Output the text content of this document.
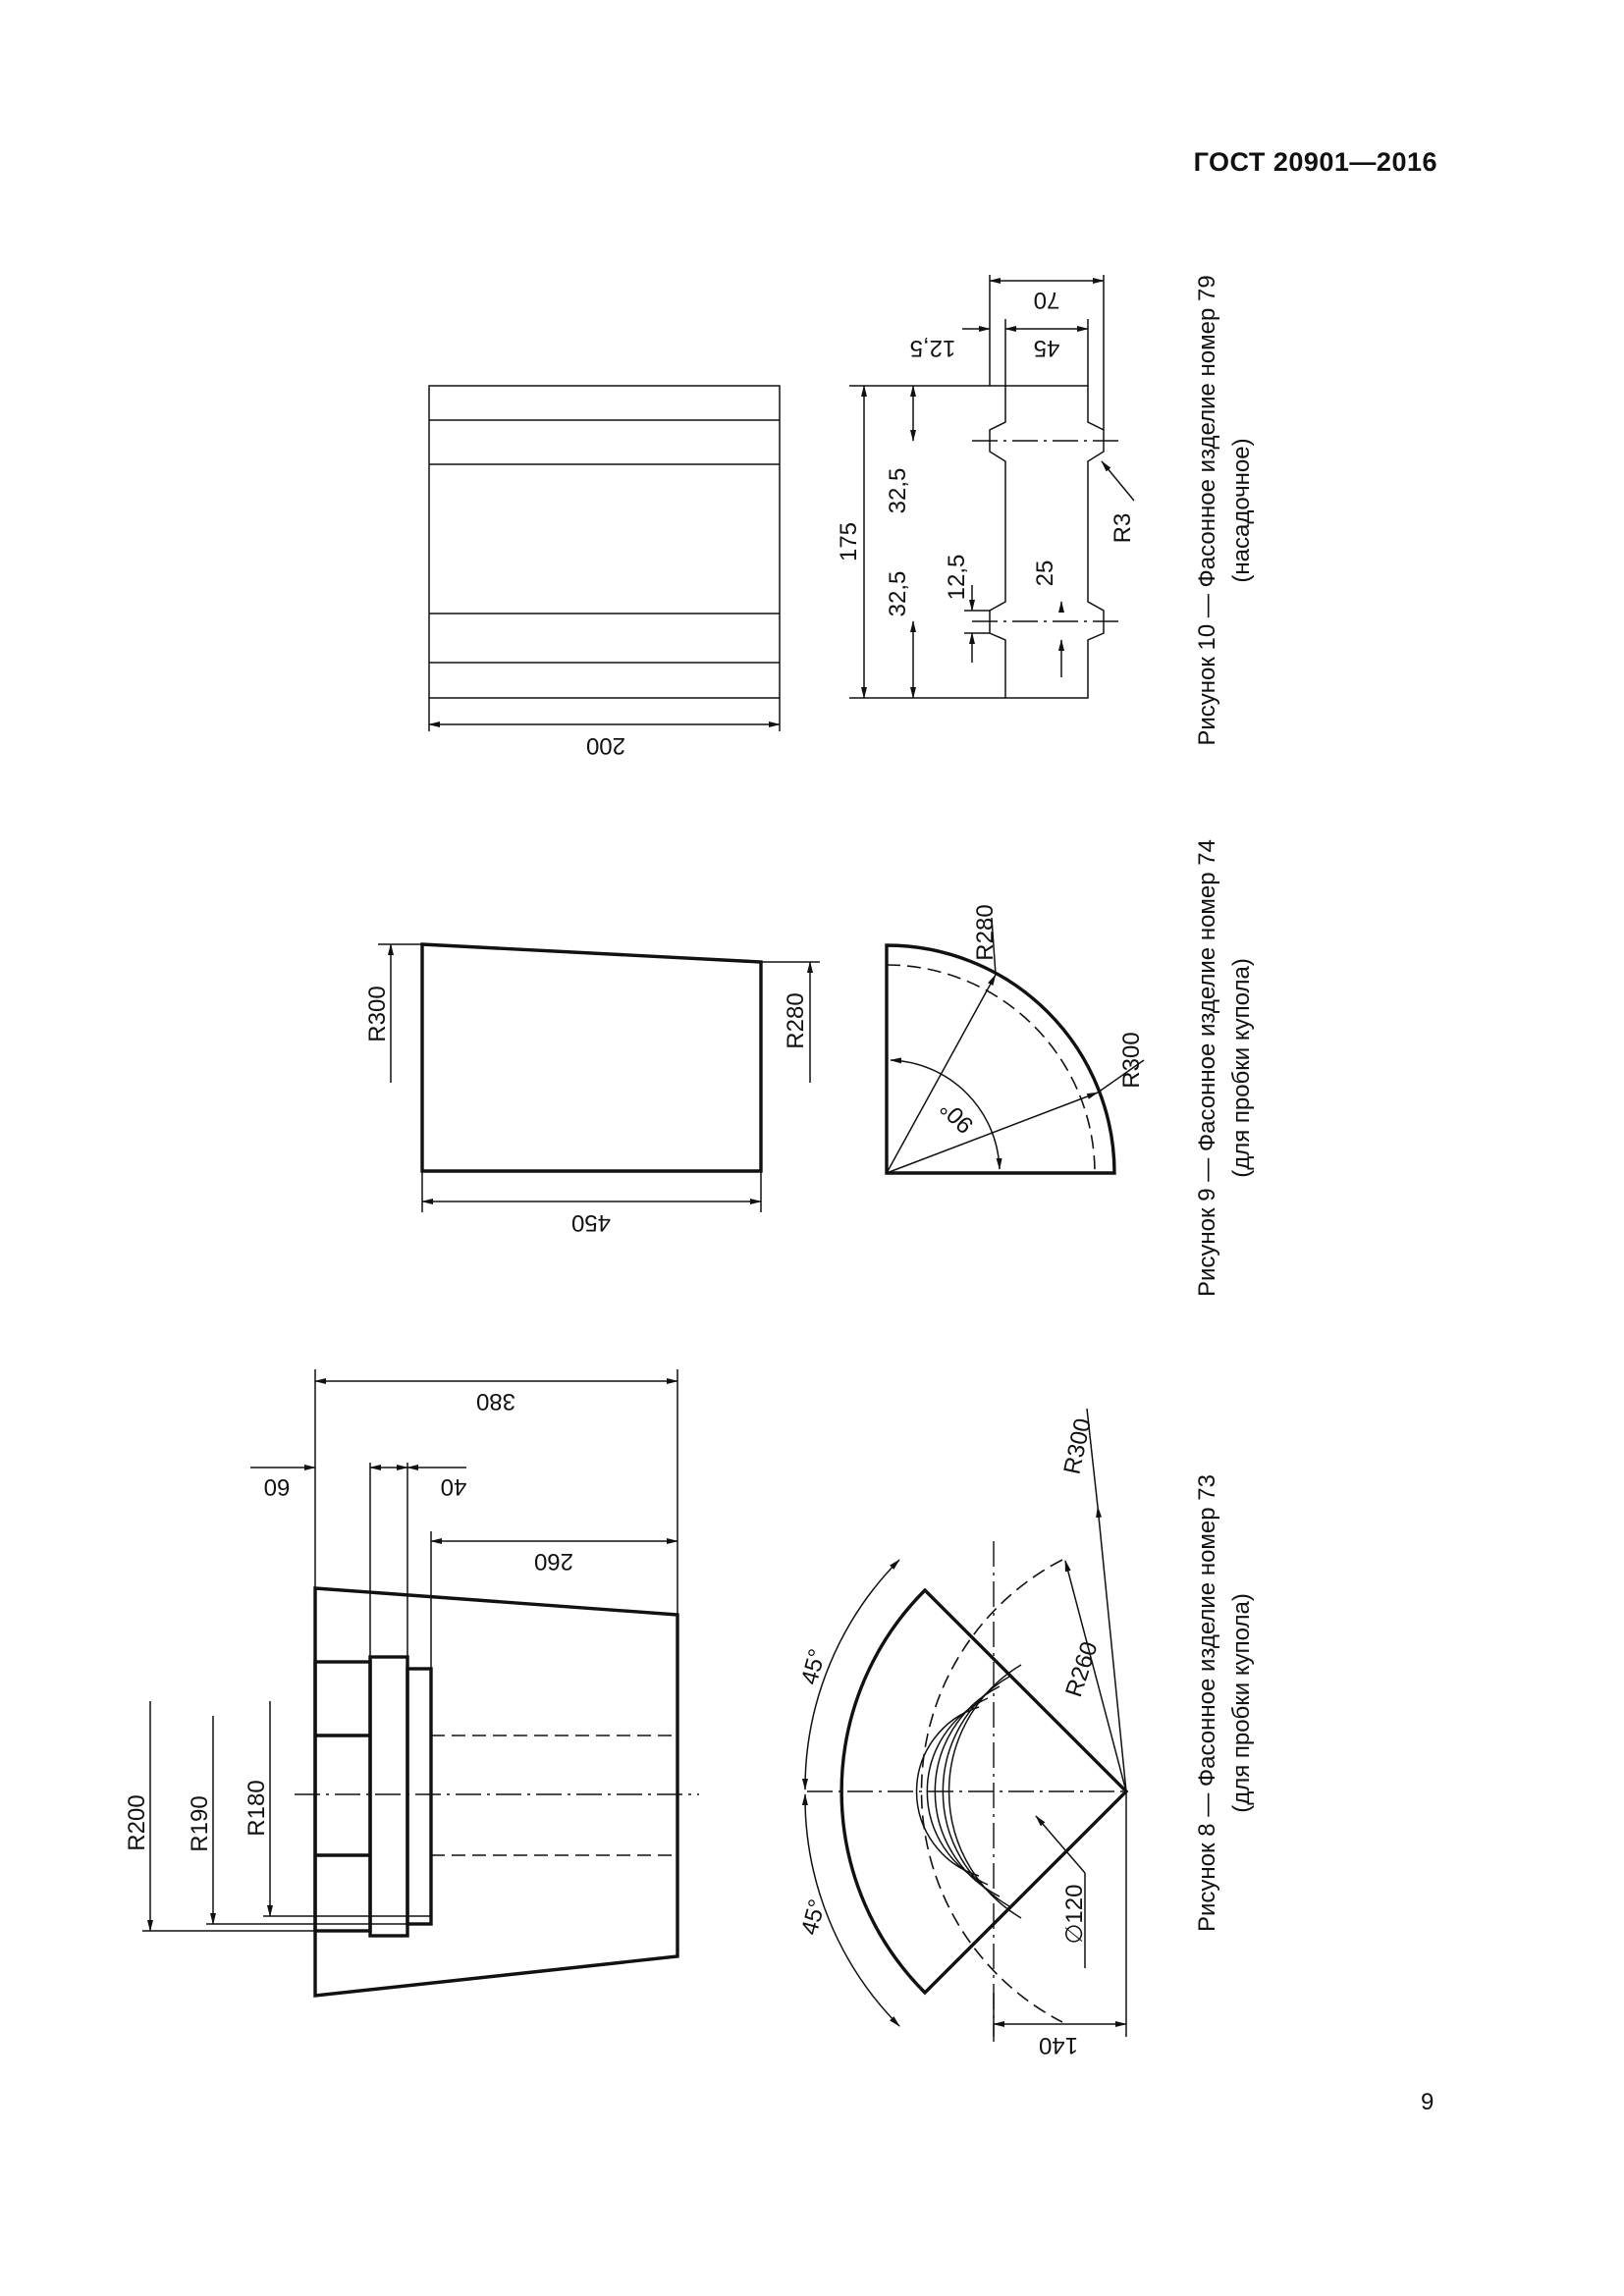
ГОСТ 20901—2016
200
175
32,5
32,5 12,5	25
R3
70
45
12,5	Рисунок 10 — Фасонное изделие номер 79 (насадочное)
R300	R280
450
R280
R300
90°	Рисунок 9 — Фасонное изделие номер 74 (для пробки купола)
R200 R190 R180
380
60	40
260
R300
R260
∅120
140
45°
45°	Рисунок 8 — Фасонное изделие номер 73 (для пробки купола)
9
